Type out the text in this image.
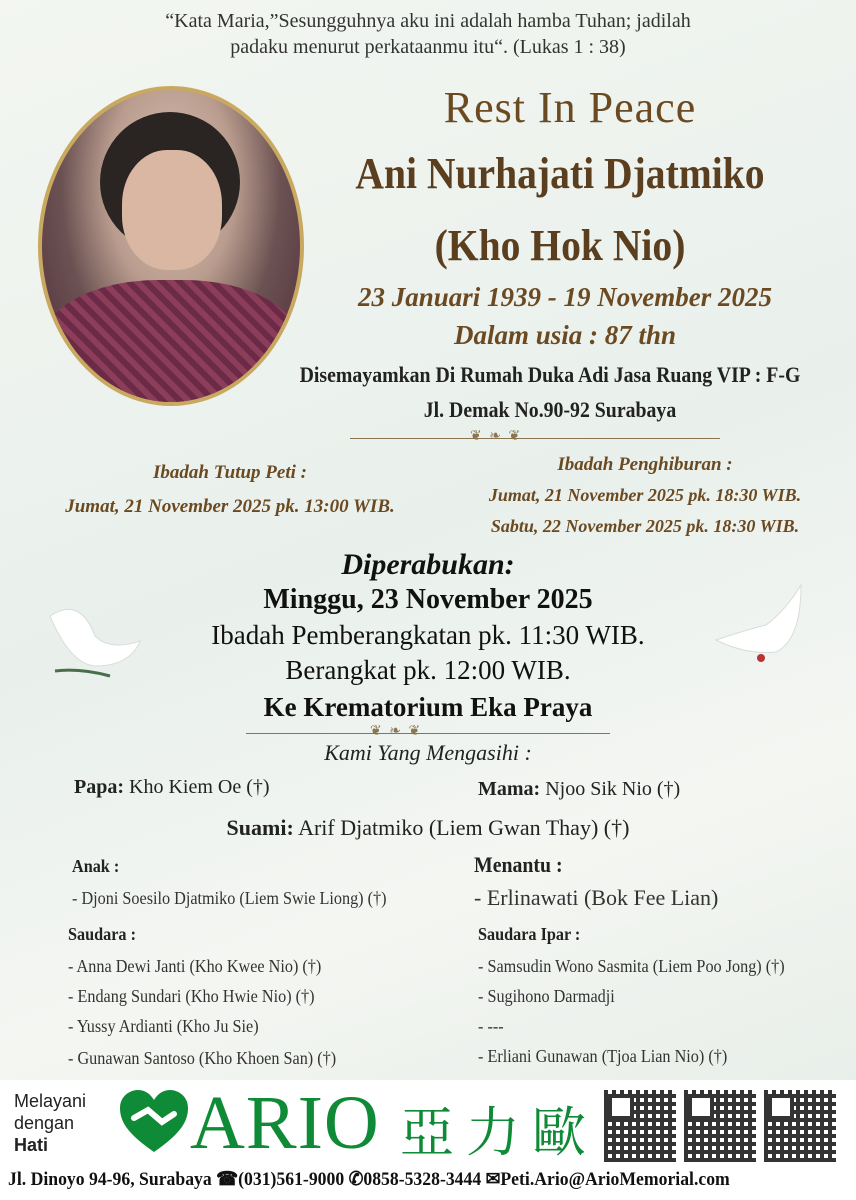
“Kata Maria,”Sesungguhnya aku ini adalah hamba Tuhan; jadilah
padaku menurut perkataanmu itu“. (Lukas 1 : 38)
Rest In Peace
Ani Nurhajati Djatmiko
(Kho Hok Nio)
23 Januari 1939 - 19 November 2025
Dalam usia : 87 thn
Disemayamkan Di Rumah Duka Adi Jasa Ruang VIP : F-G
Jl. Demak No.90-92 Surabaya
❦ ❧ ❦
Ibadah Tutup Peti :
Jumat, 21 November 2025 pk. 13:00 WIB.
Ibadah Penghiburan :
Jumat, 21 November 2025 pk. 18:30 WIB.
Sabtu, 22 November 2025 pk. 18:30 WIB.
Diperabukan:
Minggu, 23 November 2025
Ibadah Pemberangkatan pk. 11:30 WIB.
Berangkat pk. 12:00 WIB.
Ke Krematorium Eka Praya
❦ ❧ ❦
Kami Yang Mengasihi :
Papa: Kho Kiem Oe (†)	Mama: Njoo Sik Nio (†)
Suami: Arif Djatmiko (Liem Gwan Thay) (†)
Anak :
- Djoni Soesilo Djatmiko (Liem Swie Liong) (†)
Saudara :
- Anna Dewi Janti (Kho Kwee Nio) (†)
- Endang Sundari (Kho Hwie Nio) (†)
- Yussy Ardianti (Kho Ju Sie)
- Gunawan Santoso (Kho Khoen San) (†)
Menantu :
- Erlinawati (Bok Fee Lian)
Saudara Ipar :
- Samsudin Wono Sasmita (Liem Poo Jong) (†)
- Sugihono Darmadji
- ---
- Erliani Gunawan (Tjoa Lian Nio) (†)
Melayani
dengan
Hati	ARIO 亞力歐
Jl. Dinoyo 94-96, Surabaya ☎(031)561-9000 ✆0858-5328-3444 ✉Peti.Ario@ArioMemorial.com
